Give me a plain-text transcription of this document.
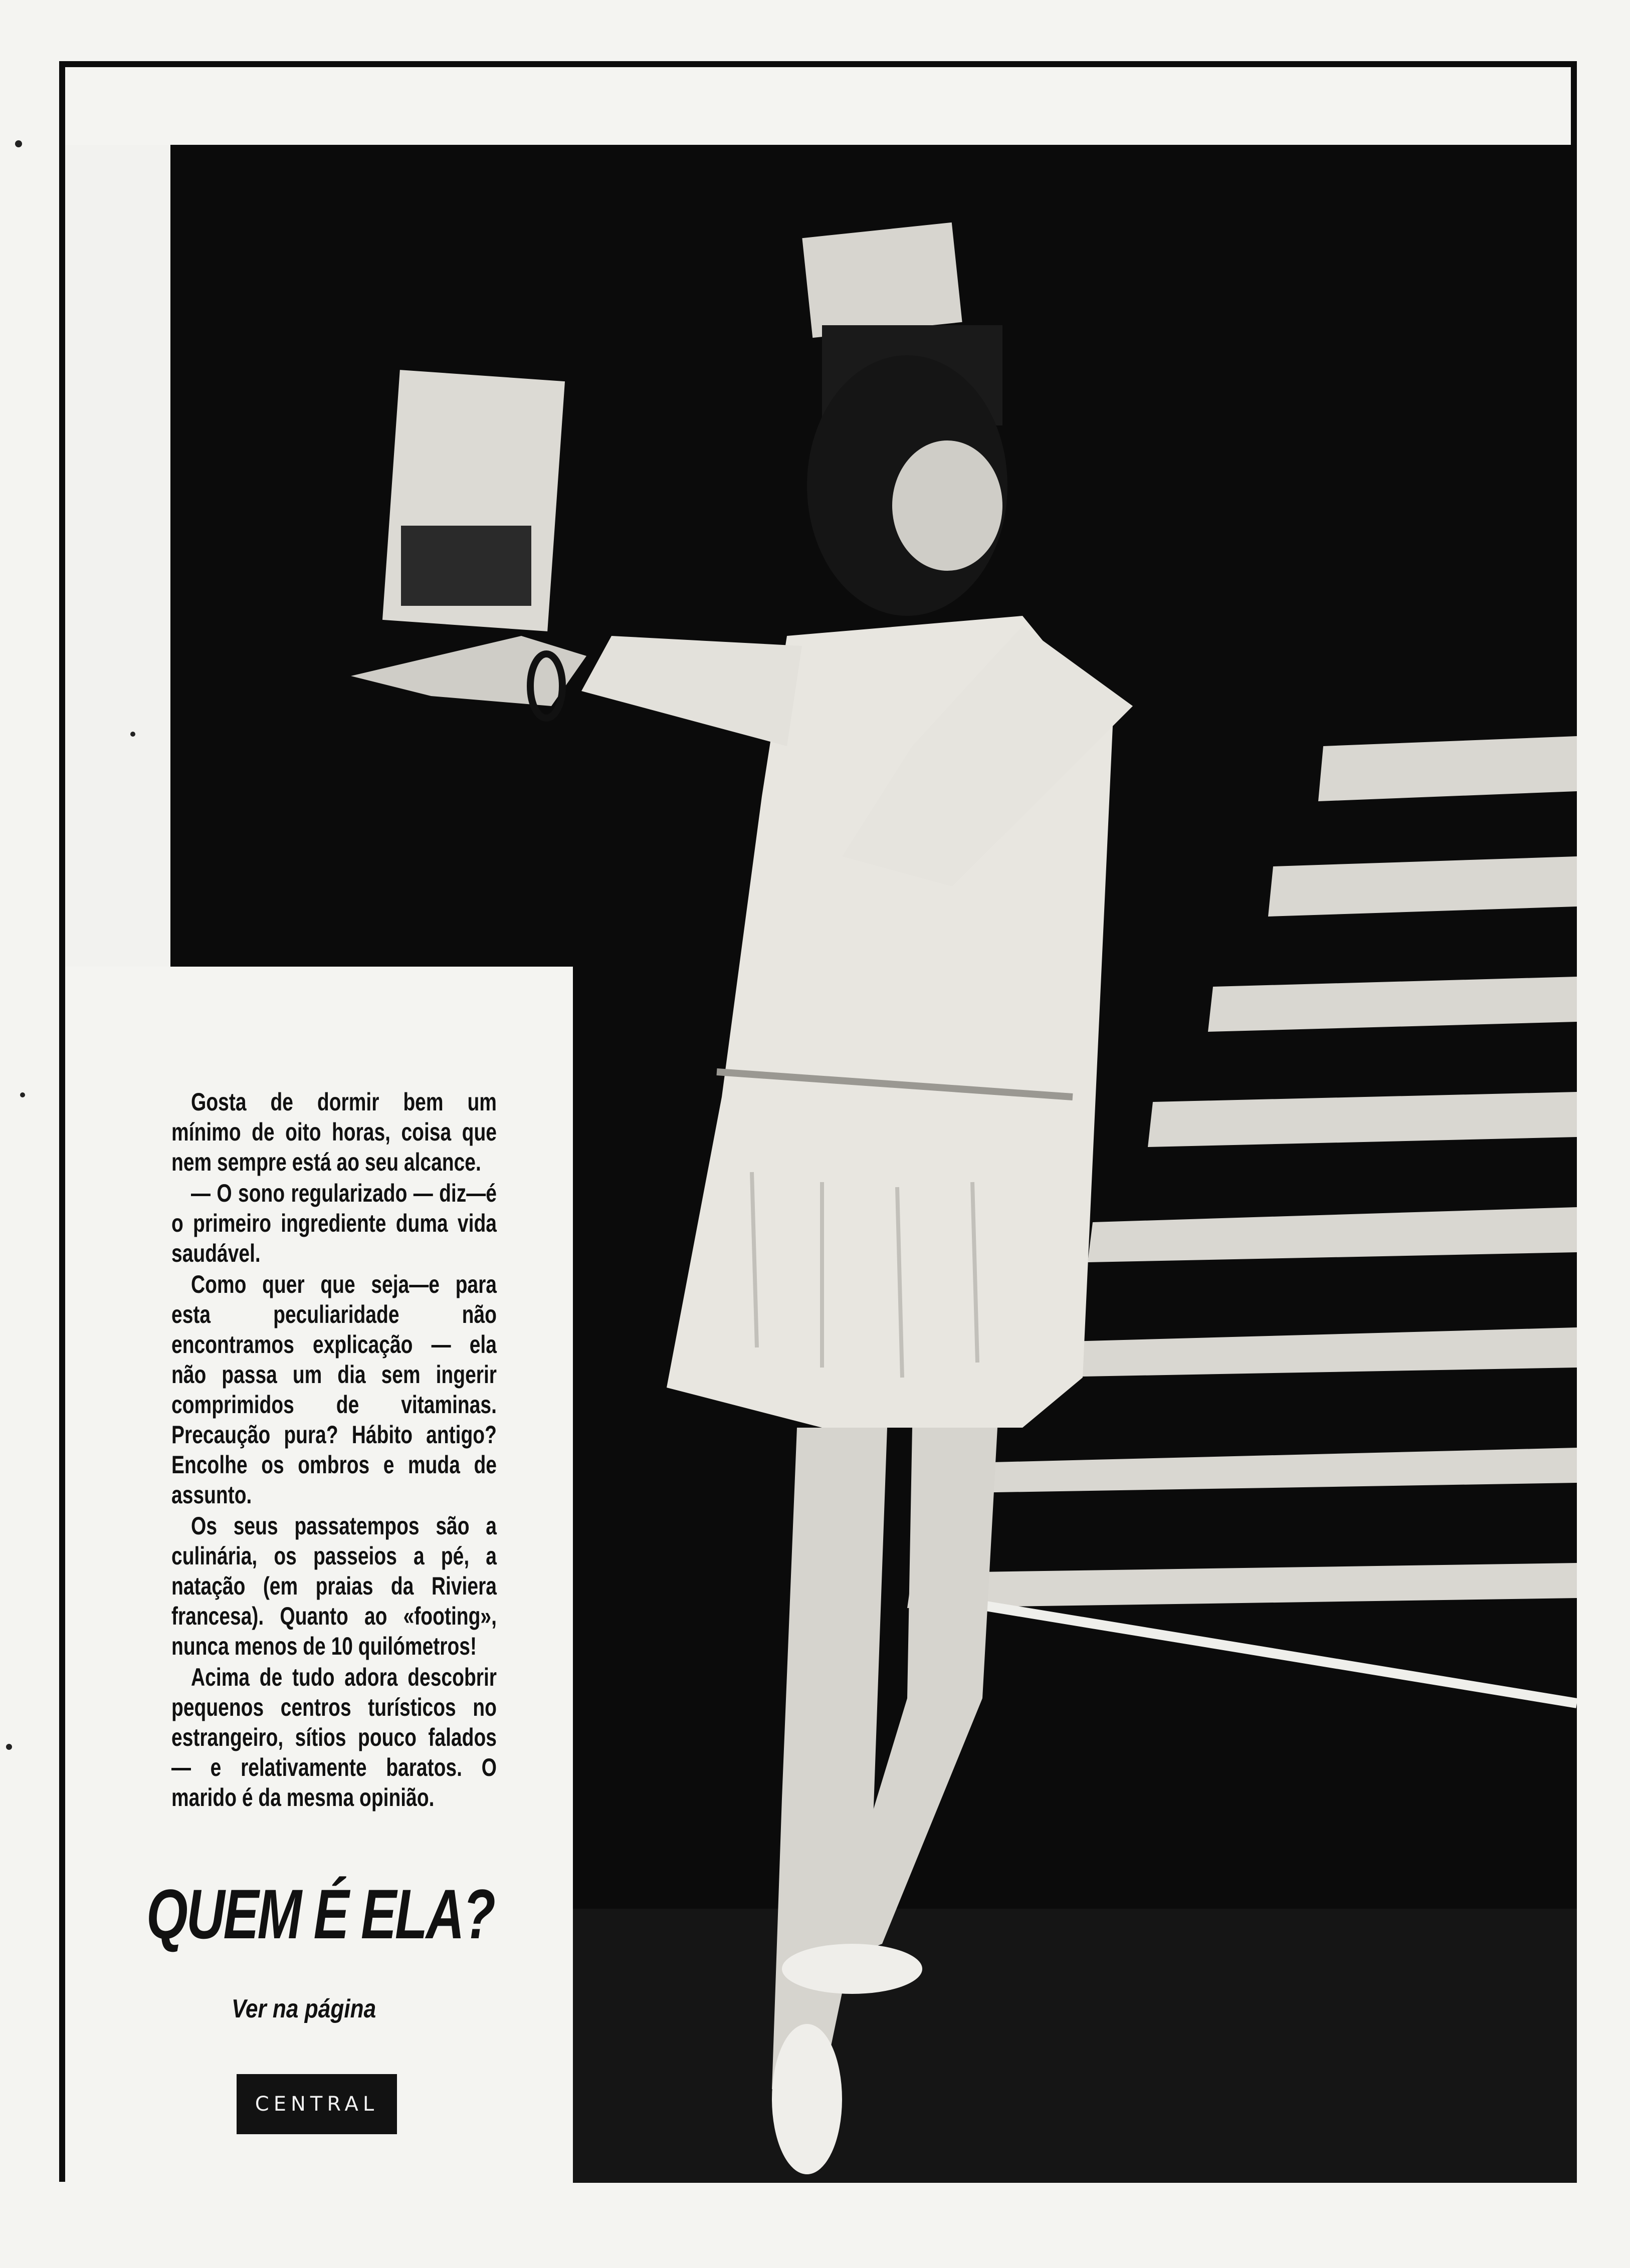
Gosta de dormir bem um mínimo de oito horas, coisa que nem sempre está ao seu alcance.

— O sono regularizado — diz—é o primeiro ingrediente duma vida saudável.

Como quer que seja—e para esta peculiaridade não encontramos explicação — ela não passa um dia sem ingerir comprimidos de vitaminas. Precaução pura? Hábito antigo? Encolhe os ombros e muda de assunto.

Os seus passatempos são a culinária, os passeios a pé, a natação (em praias da Riviera francesa). Quanto ao «footing», nunca menos de 10 quilómetros!

Acima de tudo adora descobrir pequenos centros turísticos no estrangeiro, sítios pouco falados — e relativamente baratos. O marido é da mesma opinião.

QUEM É ELA?
Ver na página
CENTRAL
